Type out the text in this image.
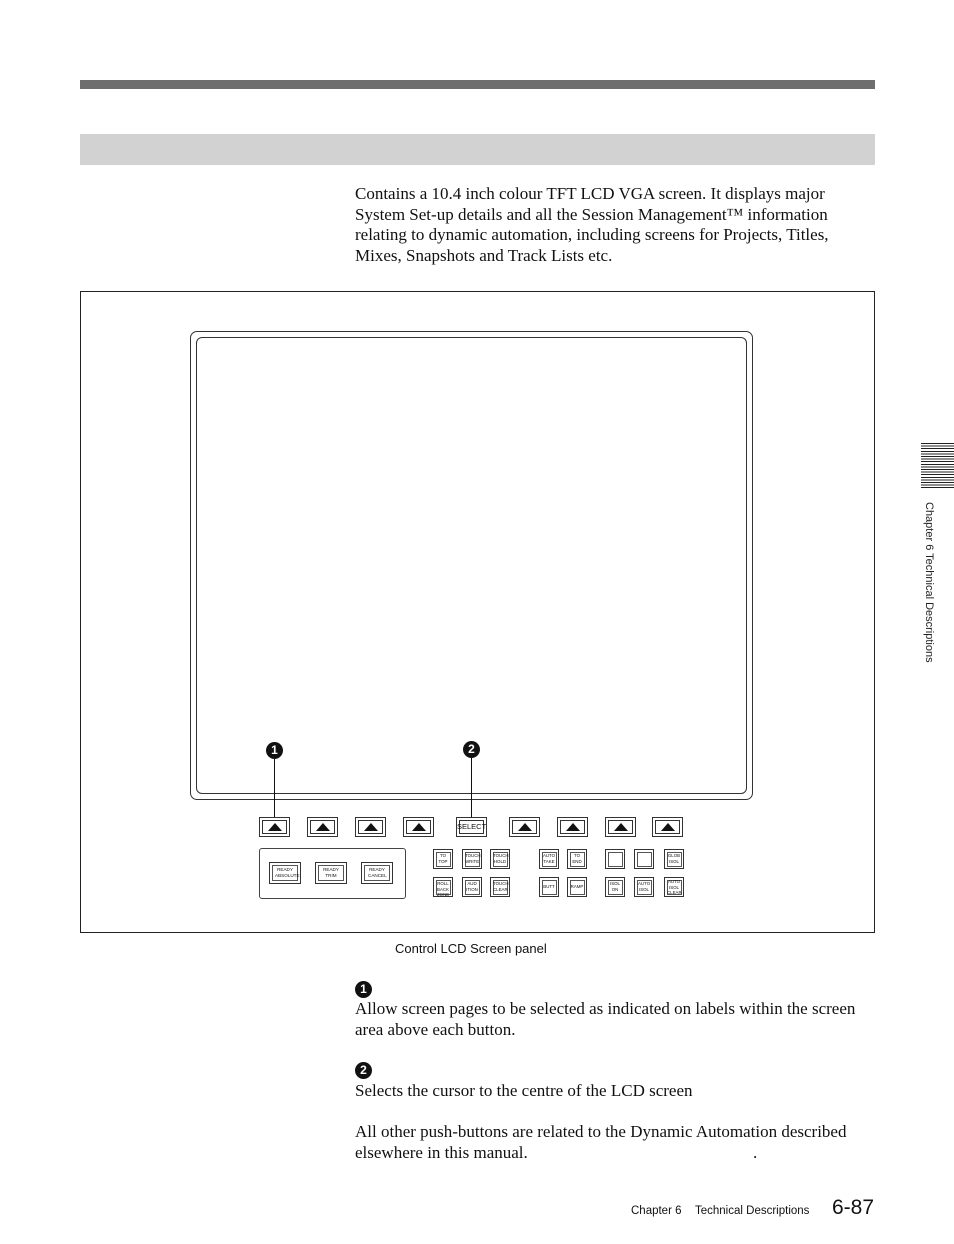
Contains a 10.4 inch colour TFT LCD VGA screen. It displays major System Set-up details and all the Session Management™ information relating to dynamic automation, including screens for Projects, Titles, Mixes, Snapshots and Track Lists etc.
1	2
SELECT
READY ABSOLUTE
READY TRIM
READY CANCEL
TO TOP
TOUCH WRITE
TOUCH HOLD
AUTO TAKE
TO END
GLOB ISOL
ROLL BACK ZONE
AUD ITION
TOUCH CLEAR	BUTT	RAMP
ISOL ON
AUTO ISOL
AUTO ISOL CLEAR
Control LCD Screen panel
1
Allow screen pages to be selected as indicated on labels within the screen area above each button.
2
Selects the cursor to the centre of the LCD screen
All other push-buttons are related to the Dynamic Automation described elsewhere in this manual.	.
Chapter 6 Technical Descriptions
Chapter 6 Technical Descriptions 6-87
